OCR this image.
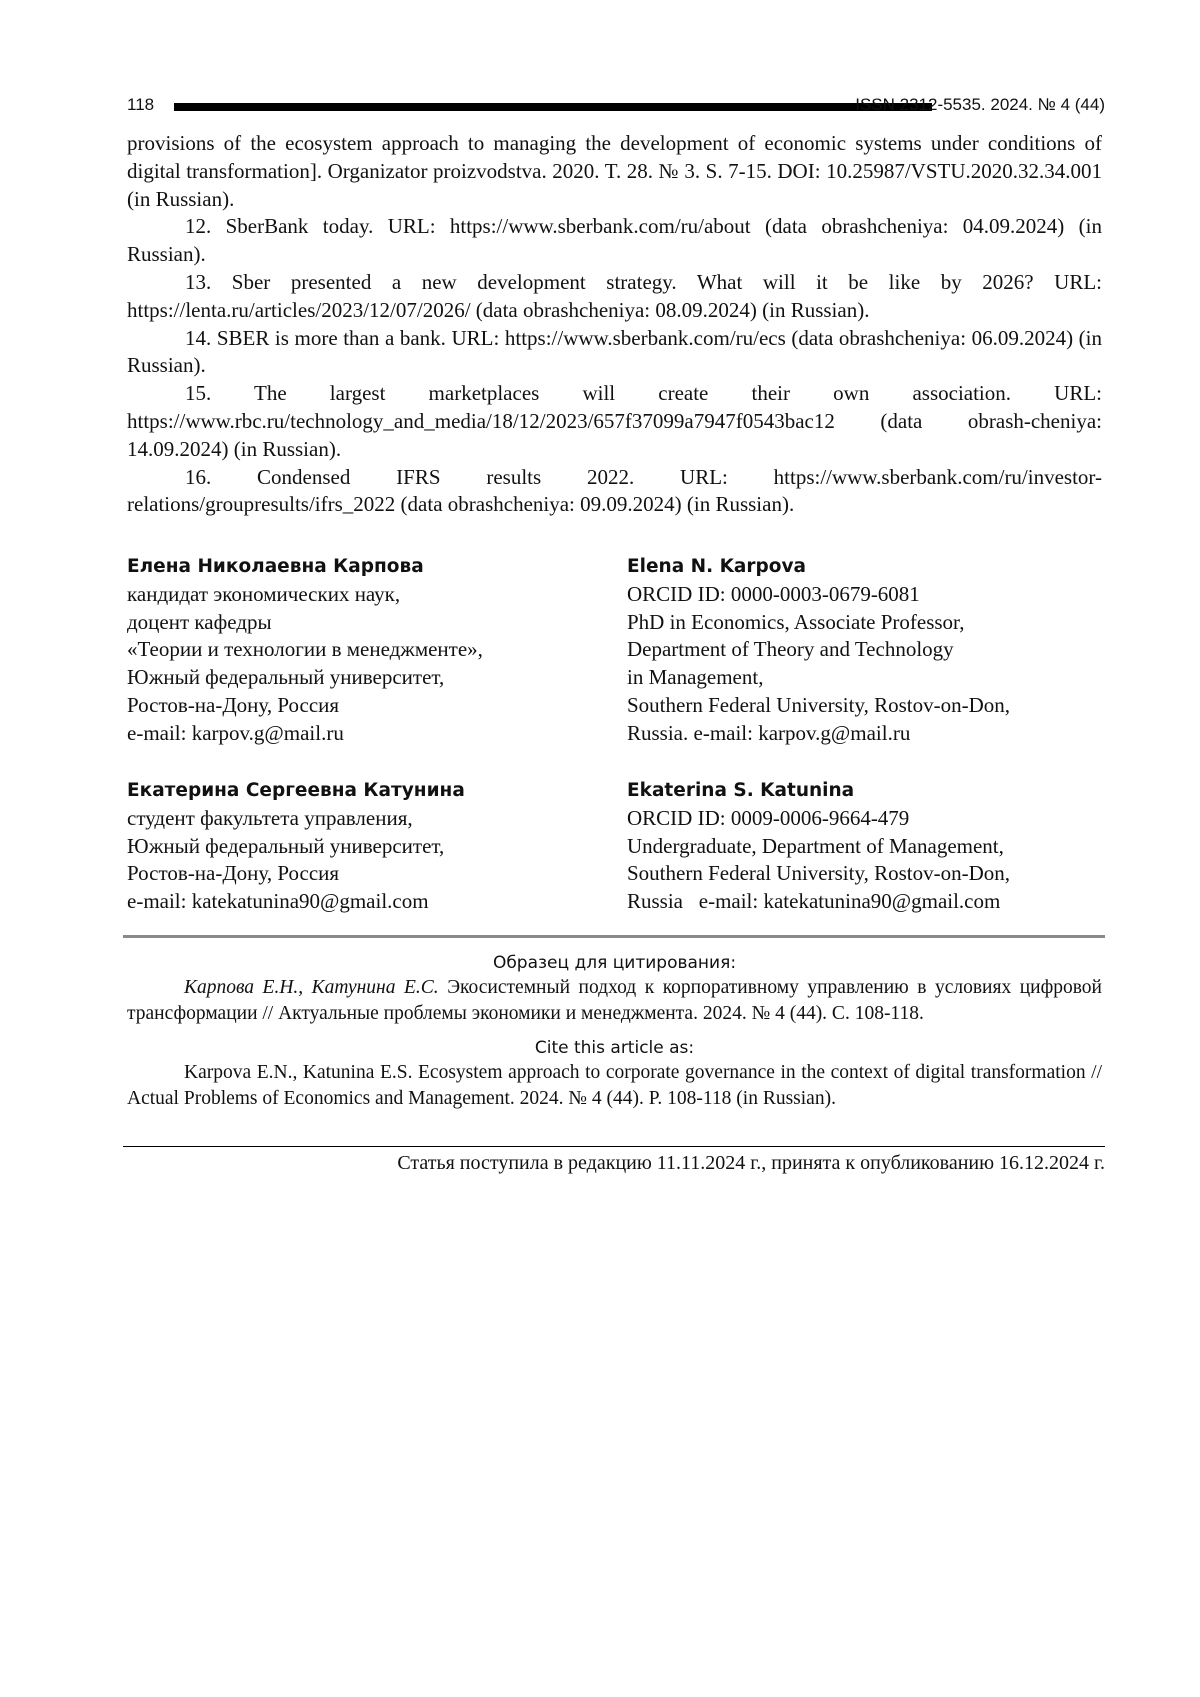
118	ISSN 2312-5535. 2024. № 4 (44)

provisions of the ecosystem approach to managing the development of economic systems under conditions of digital transformation]. Organizator proizvodstva. 2020. T. 28. № 3. S. 7-15. DOI: 10.25987/VSTU.2020.32.34.001 (in Russian).

12. SberBank today. URL: https://www.sberbank.com/ru/about (data obrashcheniya: 04.09.2024) (in Russian).

13. Sber presented a new development strategy. What will it be like by 2026? URL: https://lenta.ru/articles/2023/12/07/2026/ (data obrashcheniya: 08.09.2024) (in Russian).

14. SBER is more than a bank. URL: https://www.sberbank.com/ru/ecs (data obrashcheniya: 06.09.2024) (in Russian).

15. The largest marketplaces will create their own association. URL: https://www.rbc.ru/technology_and_media/18/12/2023/657f37099a7947f0543bac12 (data obrash-cheniya: 14.09.2024) (in Russian).

16. Condensed IFRS results 2022. URL: https://www.sberbank.com/ru/investor-relations/groupresults/ifrs_2022 (data obrashcheniya: 09.09.2024) (in Russian).

Елена Николаевна Карпова
кандидат экономических наук,
доцент кафедры
«Теории и технологии в менеджменте»,
Южный федеральный университет,
Ростов-на-Дону, Россия
e-mail: karpov.g@mail.ru
Elena N. Karpova
ORCID ID: 0000-0003-0679-6081
PhD in Economics, Associate Professor,
Department of Theory and Technology
in Management,
Southern Federal University, Rostov-on-Don,
Russia. e-mail: karpov.g@mail.ru
Екатерина Сергеевна Катунина
студент факультета управления,
Южный федеральный университет,
Ростов-на-Дону, Россия
e-mail: katekatunina90@gmail.com
Ekaterina S. Katunina
ORCID ID: 0009-0006-9664-479
Undergraduate, Department of Management,
Southern Federal University, Rostov-on-Don,
Russia   e-mail: katekatunina90@gmail.com

Образец для цитирования:

Карпова Е.Н., Катунина Е.С. Экосистемный подход к корпоративному управлению в условиях цифровой трансформации // Актуальные проблемы экономики и менеджмента. 2024. № 4 (44). С. 108-118.

Cite this article as:

Karpova E.N., Katunina E.S. Ecosystem approach to corporate governance in the context of digital transformation // Actual Problems of Economics and Management. 2024. № 4 (44). P. 108-118 (in Russian).

Статья поступила в редакцию 11.11.2024 г., принята к опубликованию 16.12.2024 г.
